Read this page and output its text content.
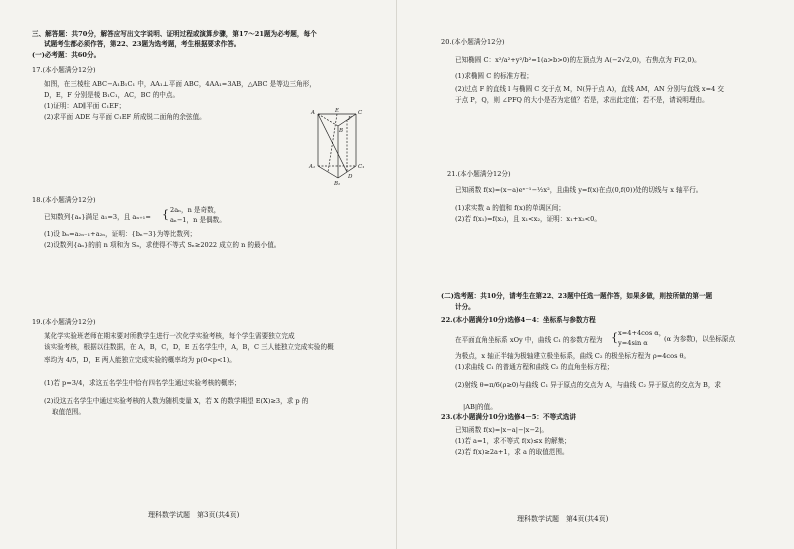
三、解答题：共70分，解答应写出文字说明、证明过程或演算步骤，第17～21题为必考题，每个
试题考生都必须作答，第22、23题为选考题，考生根据要求作答。
(一)必考题：共60分。
17.(本小题满分12分)
如图，在三棱柱 ABC−A₁B₁C₁ 中，AA₁⊥平面 ABC，4AA₁=3AB，△ABC 是等边三角形，
D，E，F 分别是棱 B₁C₁，AC，BC 的中点。
(1)证明：AD∥平面 C₁EF；
(2)求平面 ADE 与平面 C₁EF 所成锐二面角的余弦值。
E	C
F
A
B
C₁
A₁
B₁
D
18.(本小题满分12分)
已知数列{aₙ}满足 a₁=3，且 aₙ₊₁= { 2aₙ，n 是奇数，
aₙ−1，n 是偶数。
(1)设 bₙ=a₂ₙ₋₁+a₂ₙ，证明：{bₙ−3}为等比数列；
(2)设数列{aₙ}的前 n 项和为 Sₙ，求使得不等式 Sₙ≥2022 成立的 n 的最小值。
19.(本小题满分12分)
某化学实验班老师在期末要对所教学生进行一次化学实验考核，每个学生需要独立完成
该实验考核，根据以往数据，在 A，B，C，D，E 五名学生中，A，B，C 三人能独立完成实验的概
率均为 4/5，D，E 两人能独立完成实验的概率均为 p(0<p<1)。
(1)若 p=3/4，求这五名学生中恰有四名学生通过实验考核的概率；
(2)设这五名学生中通过实验考核的人数为随机变量 X，若 X 的数学期望 E(X)≥3，求 p 的
取值范围。
理科数学试题　第3页(共4页)
20.(本小题满分12分)
已知椭圆 C：x²/a²+y²/b²=1(a>b>0)的左顶点为 A(−2√2,0)，右焦点为 F(2,0)。
(1)求椭圆 C 的标准方程；
(2)过点 F 的直线 l 与椭圆 C 交于点 M，N(异于点 A)，直线 AM，AN 分别与直线 x=4 交
于点 P，Q，则 ∠PFQ 的大小是否为定值？若是，求出此定值；若不是，请说明理由。
21.(本小题满分12分)
已知函数 f(x)=(x−a)eˣ⁻¹−½x²，且曲线 y=f(x)在点(0,f(0))处的切线与 x 轴平行。
(1)求实数 a 的值和 f(x)的单调区间；
(2)若 f(x₁)=f(x₂)，且 x₁<x₂，证明：x₁+x₂<0。
(二)选考题：共10分，请考生在第22、23题中任选一题作答，如果多做，则按所做的第一题
计分。
22.(本小题满分10分)选修4－4：坐标系与参数方程
在平面直角坐标系 xOy 中，曲线 C₁ 的参数方程为 { x=4+4cos α，
y=4sin α (α 为参数)，以坐标原点
为极点，x 轴正半轴为极轴建立极坐标系，曲线 C₂ 的极坐标方程为 ρ=4cos θ。
(1)求曲线 C₁ 的普通方程和曲线 C₂ 的直角坐标方程；
(2)射线 θ=π/6(ρ≥0)与曲线 C₁ 异于原点的交点为 A，与曲线 C₂ 异于原点的交点为 B，求
|AB|的值。
23.(本小题满分10分)选修4－5：不等式选讲
已知函数 f(x)=|x−a|−|x−2|。
(1)若 a=1，求不等式 f(x)≤x 的解集；
(2)若 f(x)≥2a+1，求 a 的取值范围。
理科数学试题　第4页(共4页)
